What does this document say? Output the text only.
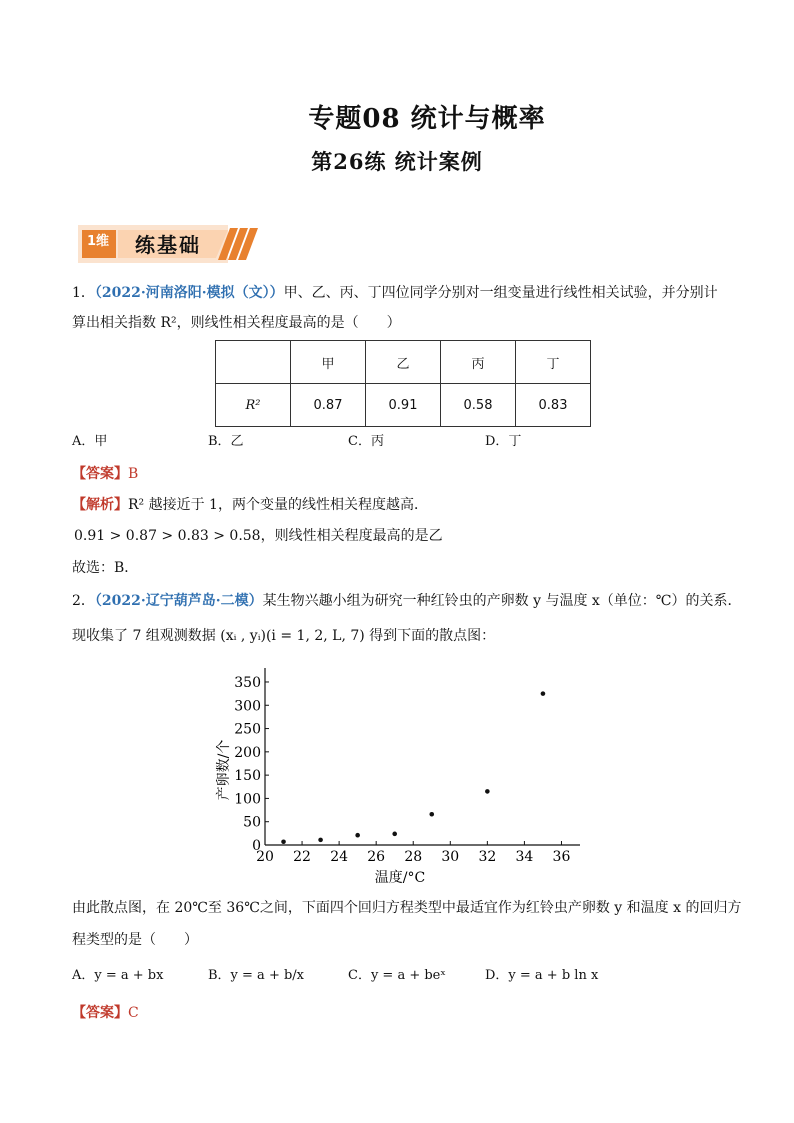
专题08 统计与概率
第26练 统计案例
1维 练基础
1．（2022·河南洛阳·模拟（文））甲、乙、丙、丁四位同学分别对一组变量进行线性相关试验，并分别计
算出相关指数 R²，则线性相关程度最高的是（　　）
	甲	乙	丙	丁
R²	0.87	0.91	0.58	0.83
A．甲	B．乙	C．丙	D．丁
【答案】B
【解析】R² 越接近于 1，两个变量的线性相关程度越高．
0.91 > 0.87 > 0.83 > 0.58，则线性相关程度最高的是乙
故选：B．
2．（2022·辽宁葫芦岛·二模）某生物兴趣小组为研究一种红铃虫的产卵数 y 与温度 x（单位：℃）的关系．
现收集了 7 组观测数据 (xᵢ , yᵢ)(i = 1, 2, L, 7) 得到下面的散点图：
20 22 24 26 28 30 32 34 36
0
50
100
150
200
250
300
350
温度/°C
产卵数/个
由此散点图，在 20℃至 36℃之间，下面四个回归方程类型中最适宜作为红铃虫产卵数 y 和温度 x 的回归方
程类型的是（　　）
A．y = a + bx	B．y = a + b/x	C．y = a + beˣ	D．y = a + b ln x
【答案】C
